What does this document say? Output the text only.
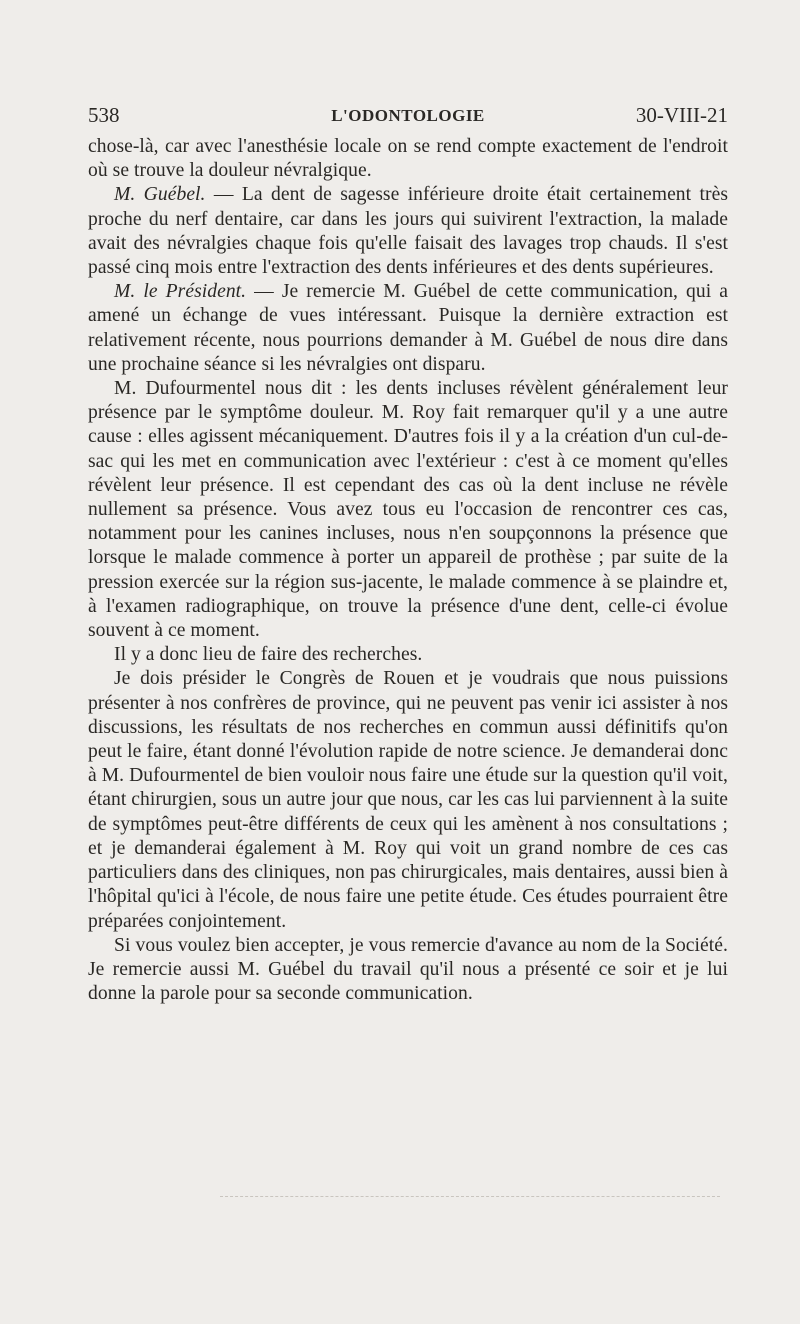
538	L'ODONTOLOGIE	30-VIII-21

chose-là, car avec l'anesthésie locale on se rend compte exactement de l'endroit où se trouve la douleur névralgique.

M. Guébel. — La dent de sagesse inférieure droite était certainement très proche du nerf dentaire, car dans les jours qui suivirent l'extraction, la malade avait des névralgies chaque fois qu'elle faisait des lavages trop chauds. Il s'est passé cinq mois entre l'extraction des dents inférieures et des dents supérieures.

M. le Président. — Je remercie M. Guébel de cette communication, qui a amené un échange de vues intéressant. Puisque la dernière extraction est relativement récente, nous pourrions demander à M. Guébel de nous dire dans une prochaine séance si les névralgies ont disparu.

M. Dufourmentel nous dit : les dents incluses révèlent généralement leur présence par le symptôme douleur. M. Roy fait remarquer qu'il y a une autre cause : elles agissent mécaniquement. D'autres fois il y a la création d'un cul-de-sac qui les met en communication avec l'extérieur : c'est à ce moment qu'elles révèlent leur présence. Il est cependant des cas où la dent incluse ne révèle nullement sa présence. Vous avez tous eu l'occasion de rencontrer ces cas, notamment pour les canines incluses, nous n'en soupçonnons la présence que lorsque le malade commence à porter un appareil de prothèse ; par suite de la pression exercée sur la région sus-jacente, le malade commence à se plaindre et, à l'examen radiographique, on trouve la présence d'une dent, celle-ci évolue souvent à ce moment.

Il y a donc lieu de faire des recherches.

Je dois présider le Congrès de Rouen et je voudrais que nous puissions présenter à nos confrères de province, qui ne peuvent pas venir ici assister à nos discussions, les résultats de nos recherches en commun aussi définitifs qu'on peut le faire, étant donné l'évolution rapide de notre science. Je demanderai donc à M. Dufourmentel de bien vouloir nous faire une étude sur la question qu'il voit, étant chirurgien, sous un autre jour que nous, car les cas lui parviennent à la suite de symptômes peut-être différents de ceux qui les amènent à nos consultations ; et je demanderai également à M. Roy qui voit un grand nombre de ces cas particuliers dans des cliniques, non pas chirurgicales, mais dentaires, aussi bien à l'hôpital qu'ici à l'école, de nous faire une petite étude. Ces études pourraient être préparées conjointement.

Si vous voulez bien accepter, je vous remercie d'avance au nom de la Société. Je remercie aussi M. Guébel du travail qu'il nous a présenté ce soir et je lui donne la parole pour sa seconde communication.
